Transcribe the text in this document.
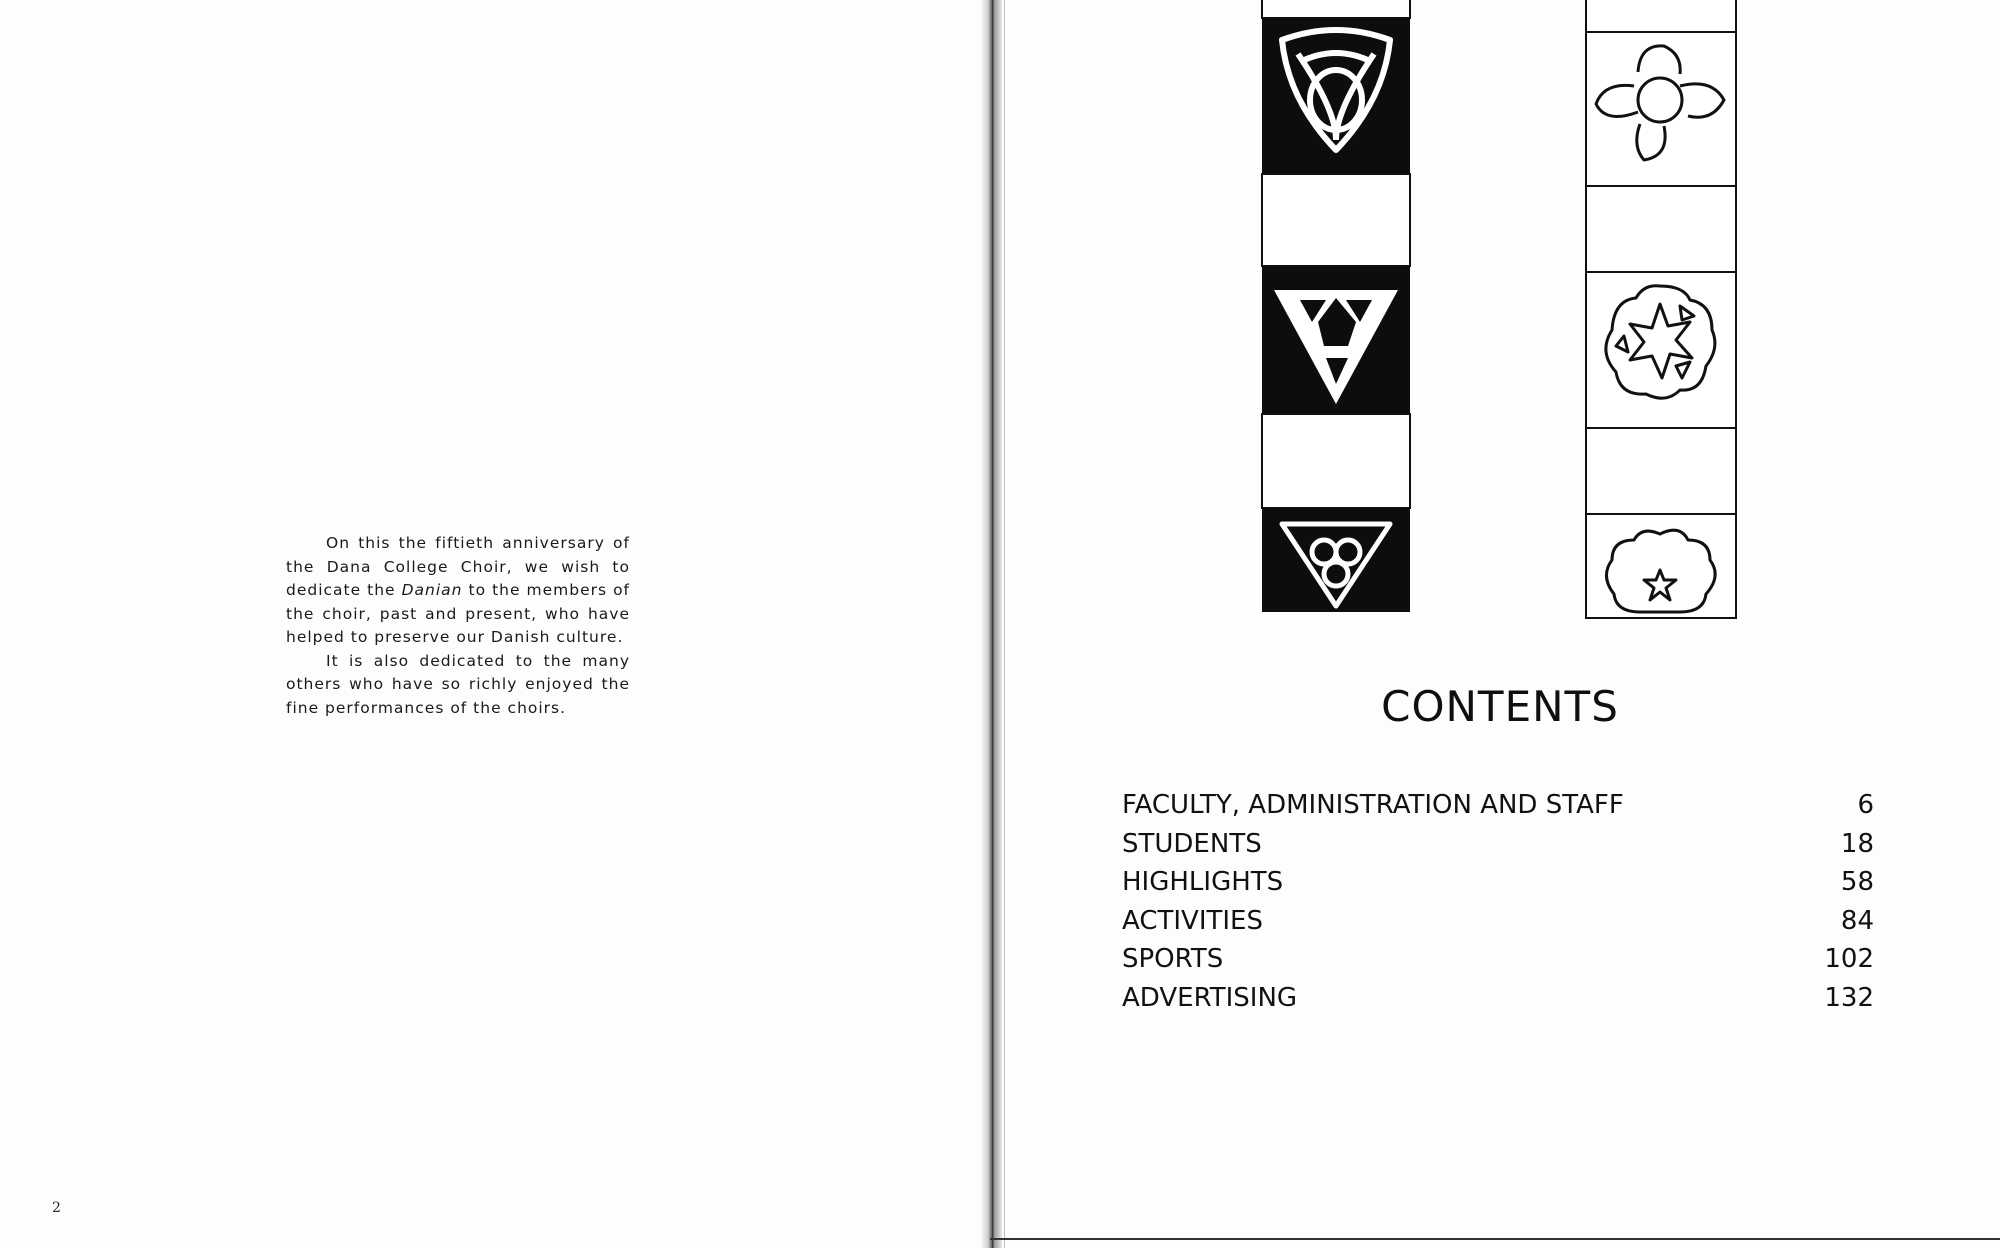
On this the fiftieth anniversary of the Dana College Choir, we wish to dedicate the Danian to the members of the choir, past and present, who have helped to preserve our Danish culture.

It is also dedicated to the many others who have so richly enjoyed the fine performances of the choirs.

2
CONTENTS
FACULTY, ADMINISTRATION AND STAFF	6
STUDENTS	18
HIGHLIGHTS	58
ACTIVITIES	84
SPORTS	102
ADVERTISING	132
